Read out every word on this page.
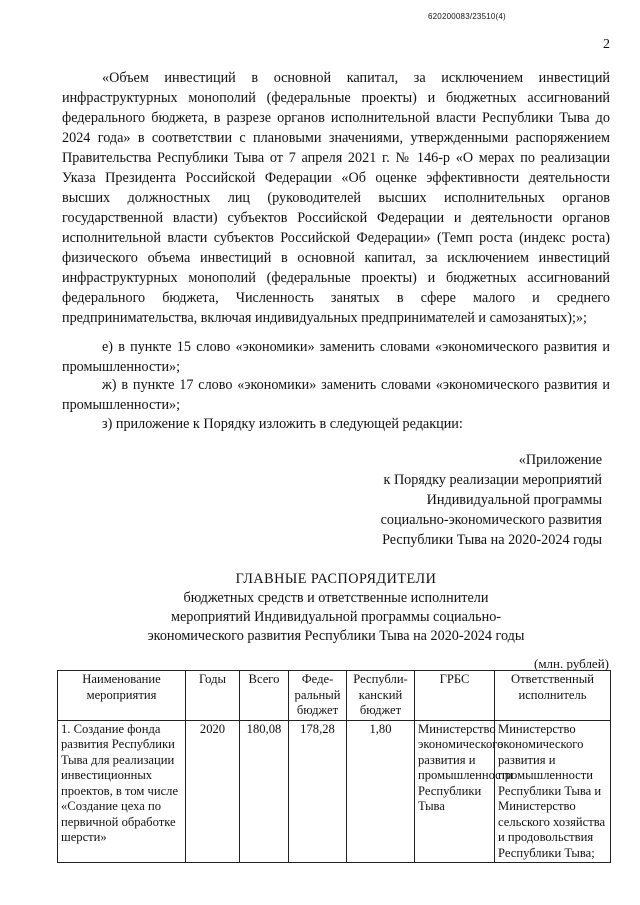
620200083/23510(4)
2

«Объем инвестиций в основной капитал, за исключением инвестиций инфраструктурных монополий (федеральные проекты) и бюджетных ассигнований федерального бюджета, в разрезе органов исполнительной власти Республики Тыва до 2024 года» в соответствии с плановыми значениями, утвержденными распоряжением Правительства Республики Тыва от 7 апреля 2021 г. № 146-р «О мерах по реализации Указа Президента Российской Федерации «Об оценке эффективности деятельности высших должностных лиц (руководителей высших исполнительных органов государственной власти) субъектов Российской Федерации и деятельности органов исполнительной власти субъектов Российской Федерации» (Темп роста (индекс роста) физического объема инвестиций в основной капитал, за исключением инвестиций инфраструктурных монополий (федеральные проекты) и бюджетных ассигнований федерального бюджета, Численность занятых в сфере малого и среднего предпринимательства, включая индивидуальных предпринимателей и самозанятых);»;

е) в пункте 15 слово «экономики» заменить словами «экономического развития и промышленности»;

ж) в пункте 17 слово «экономики» заменить словами «экономического развития и промышленности»;

з) приложение к Порядку изложить в следующей редакции:

«Приложение
к Порядку реализации мероприятий
Индивидуальной программы
социально-экономического развития
Республики Тыва на 2020-2024 годы
ГЛАВНЫЕ РАСПОРЯДИТЕЛИ
бюджетных средств и ответственные исполнители
мероприятий Индивидуальной программы социально-
экономического развития Республики Тыва на 2020-2024 годы
(млн. рублей)
Наименование мероприятия	Годы	Всего	Феде-ральный бюджет	Республи-канский бюджет	ГРБС	Ответственный исполнитель
1. Создание фонда развития Республики Тыва для реализации инвестиционных проектов, в том числе «Создание цеха по первичной обработке шерсти»	2020	180,08	178,28	1,80	Министерство экономического развития и промышленности Республики Тыва	Министерство экономического развития и промышленности Республики Тыва и Министерство сельского хозяйства и продовольствия Республики Тыва;
